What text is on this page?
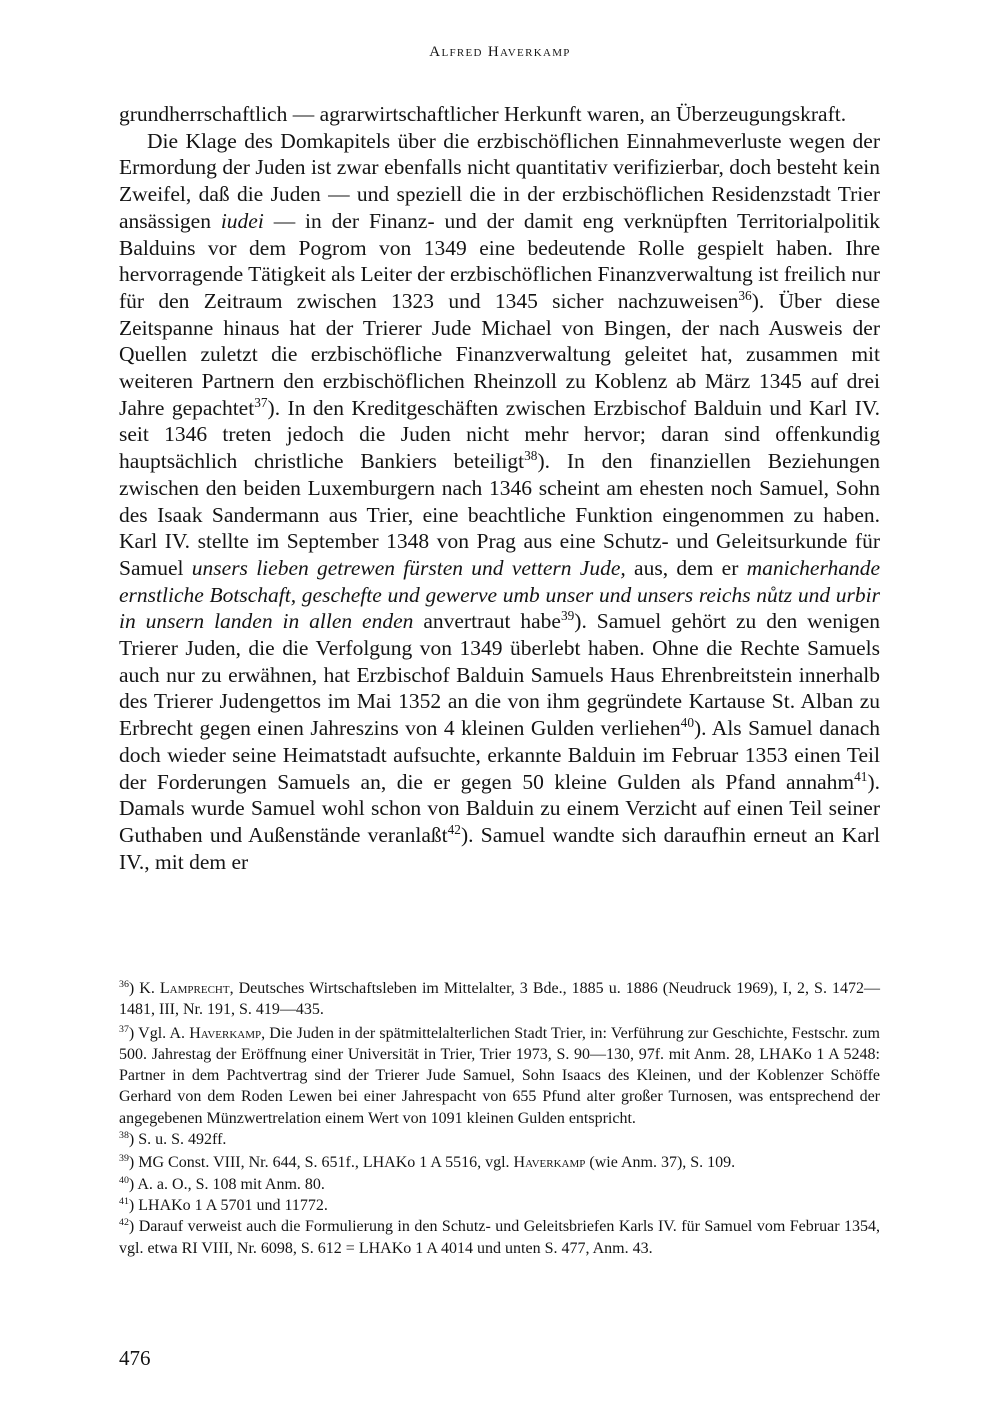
Alfred Haverkamp

grundherrschaftlich — agrarwirtschaftlicher Herkunft waren, an Überzeugungskraft.

Die Klage des Domkapitels über die erzbischöflichen Einnahmeverluste wegen der Ermordung der Juden ist zwar ebenfalls nicht quantitativ verifizierbar, doch besteht kein Zweifel, daß die Juden — und speziell die in der erzbischöflichen Residenzstadt Trier ansässigen iudei — in der Finanz- und der damit eng verknüpften Territorialpolitik Balduins vor dem Pogrom von 1349 eine bedeutende Rolle gespielt haben. Ihre hervorragende Tätigkeit als Leiter der erzbischöflichen Finanzverwaltung ist freilich nur für den Zeitraum zwischen 1323 und 1345 sicher nachzuweisen$^{36}$). Über diese Zeitspanne hinaus hat der Trierer Jude Michael von Bingen, der nach Ausweis der Quellen zuletzt die erzbischöfliche Finanzverwaltung geleitet hat, zusammen mit weiteren Partnern den erzbischöflichen Rheinzoll zu Koblenz ab März 1345 auf drei Jahre gepachtet$^{37}$). In den Kreditgeschäften zwischen Erzbischof Balduin und Karl IV. seit 1346 treten jedoch die Juden nicht mehr hervor; daran sind offenkundig hauptsächlich christliche Bankiers beteiligt$^{38}$). In den finanziellen Beziehungen zwischen den beiden Luxemburgern nach 1346 scheint am ehesten noch Samuel, Sohn des Isaak Sandermann aus Trier, eine beachtliche Funktion eingenommen zu haben. Karl IV. stellte im September 1348 von Prag aus eine Schutz- und Geleitsurkunde für Samuel unsers lieben getrewen fürsten und vettern Jude, aus, dem er manicherhande ernstliche Botschaft, geschefte und gewerve umb unser und unsers reichs nůtz und urbir in unsern landen in allen enden anvertraut habe$^{39}$). Samuel gehört zu den wenigen Trierer Juden, die die Verfolgung von 1349 überlebt haben. Ohne die Rechte Samuels auch nur zu erwähnen, hat Erzbischof Balduin Samuels Haus Ehrenbreitstein innerhalb des Trierer Judengettos im Mai 1352 an die von ihm gegründete Kartause St. Alban zu Erbrecht gegen einen Jahreszins von 4 kleinen Gulden verliehen$^{40}$). Als Samuel danach doch wieder seine Heimatstadt aufsuchte, erkannte Balduin im Februar 1353 einen Teil der Forderungen Samuels an, die er gegen 50 kleine Gulden als Pfand annahm$^{41}$). Damals wurde Samuel wohl schon von Balduin zu einem Verzicht auf einen Teil seiner Guthaben und Außenstände veranlaßt$^{42}$). Samuel wandte sich daraufhin erneut an Karl IV., mit dem er

$^{36}$) K. Lamprecht, Deutsches Wirtschaftsleben im Mittelalter, 3 Bde., 1885 u. 1886 (Neudruck 1969), I, 2, S. 1472—1481, III, Nr. 191, S. 419—435.

$^{37}$) Vgl. A. Haverkamp, Die Juden in der spätmittelalterlichen Stadt Trier, in: Verführung zur Geschichte, Festschr. zum 500. Jahrestag der Eröffnung einer Universität in Trier, Trier 1973, S. 90—130, 97f. mit Anm. 28, LHAKo 1 A 5248: Partner in dem Pachtvertrag sind der Trierer Jude Samuel, Sohn Isaacs des Kleinen, und der Koblenzer Schöffe Gerhard von dem Roden Lewen bei einer Jahrespacht von 655 Pfund alter großer Turnosen, was entsprechend der angegebenen Münzwertrelation einem Wert von 1091 kleinen Gulden entspricht.

$^{38}$) S. u. S. 492ff.

$^{39}$) MG Const. VIII, Nr. 644, S. 651f., LHAKo 1 A 5516, vgl. Haverkamp (wie Anm. 37), S. 109.

$^{40}$) A. a. O., S. 108 mit Anm. 80.

$^{41}$) LHAKo 1 A 5701 und 11772.

$^{42}$) Darauf verweist auch die Formulierung in den Schutz- und Geleitsbriefen Karls IV. für Samuel vom Februar 1354, vgl. etwa RI VIII, Nr. 6098, S. 612 = LHAKo 1 A 4014 und unten S. 477, Anm. 43.

476
